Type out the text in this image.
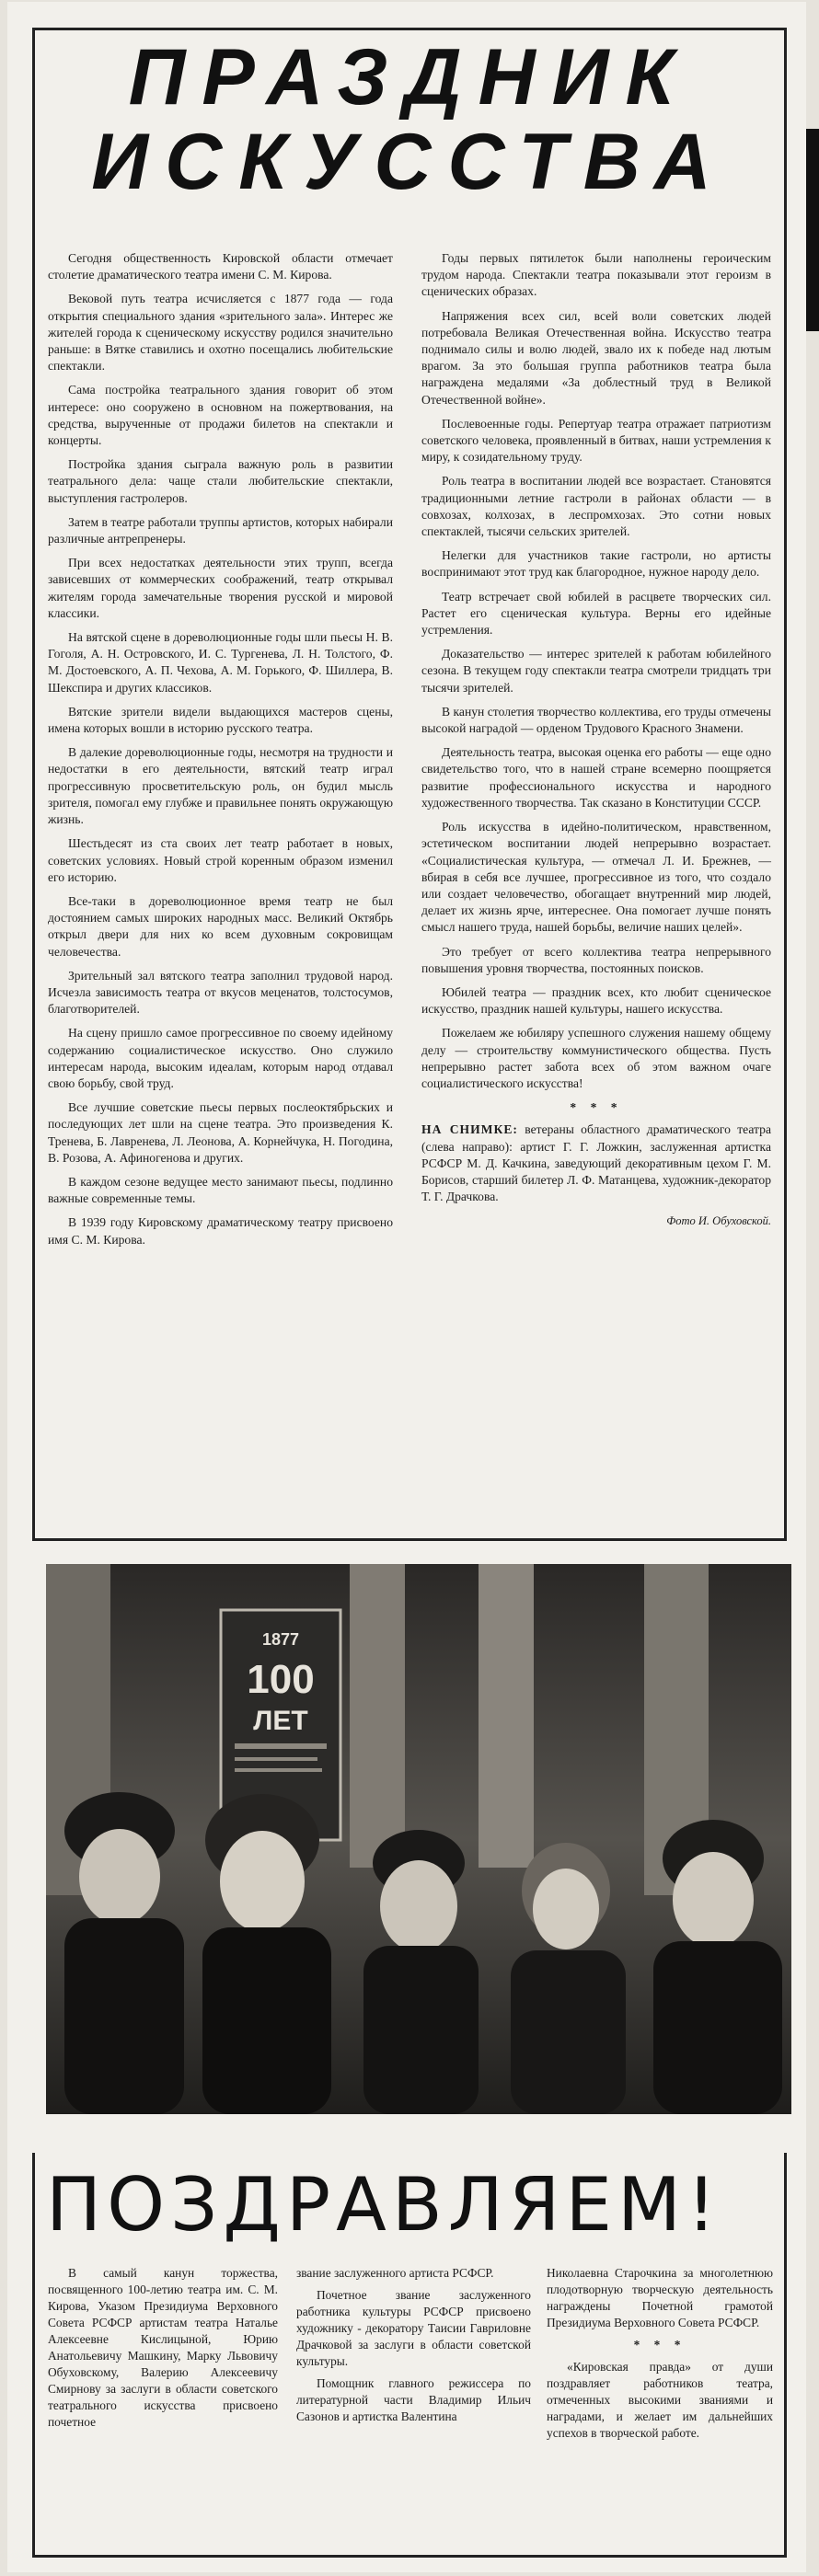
ПРАЗДНИК
ИСКУССТВА

Сегодня общественность Кировской области отмечает столетие драматического театра имени С. М. Кирова.

Вековой путь театра исчисляется с 1877 года — года открытия специального здания «зрительного зала». Интерес же жителей города к сценическому искусству родился значительно раньше: в Вятке ставились и охотно посещались любительские спектакли.

Сама постройка театрального здания говорит об этом интересе: оно сооружено в основном на пожертвования, на средства, вырученные от продажи билетов на спектакли и концерты.

Постройка здания сыграла важную роль в развитии театрального дела: чаще стали любительские спектакли, выступления гастролеров.

Затем в театре работали труппы артистов, которых набирали различные антрепренеры.

При всех недостатках деятельности этих трупп, всегда зависевших от коммерческих соображений, театр открывал жителям города замечательные творения русской и мировой классики.

На вятской сцене в дореволюционные годы шли пьесы Н. В. Гоголя, А. Н. Островского, И. С. Тургенева, Л. Н. Толстого, Ф. М. Достоевского, А. П. Чехова, А. М. Горького, Ф. Шиллера, В. Шекспира и других классиков.

Вятские зрители видели выдающихся мастеров сцены, имена которых вошли в историю русского театра.

В далекие дореволюционные годы, несмотря на трудности и недостатки в его деятельности, вятский театр играл прогрессивную просветительскую роль, он будил мысль зрителя, помогал ему глубже и правильнее понять окружающую жизнь.

Шестьдесят из ста своих лет театр работает в новых, советских условиях. Новый строй коренным образом изменил его историю.

Все-таки в дореволюционное время театр не был достоянием самых широких народных масс. Великий Октябрь открыл двери для них ко всем духовным сокровищам человечества.

Зрительный зал вятского театра заполнил трудовой народ. Исчезла зависимость театра от вкусов меценатов, толстосумов, благотворителей.

На сцену пришло самое прогрессивное по своему идейному содержанию социалистическое искусство. Оно служило интересам народа, высоким идеалам, которым народ отдавал свою борьбу, свой труд.

Все лучшие советские пьесы первых послеоктябрьских и последующих лет шли на сцене театра. Это произведения К. Тренева, Б. Лавренева, Л. Леонова, А. Корнейчука, Н. Погодина, В. Розова, А. Афиногенова и других.

В каждом сезоне ведущее место занимают пьесы, подлинно важные современные темы.

В 1939 году Кировскому драматическому театру присвоено имя С. М. Кирова.

Годы первых пятилеток были наполнены героическим трудом народа. Спектакли театра показывали этот героизм в сценических образах.

Напряжения всех сил, всей воли советских людей потребовала Великая Отечественная война. Искусство театра поднимало силы и волю людей, звало их к победе над лютым врагом. За это большая группа работников театра была награждена медалями «За доблестный труд в Великой Отечественной войне».

Послевоенные годы. Репертуар театра отражает патриотизм советского человека, проявленный в битвах, наши устремления к миру, к созидательному труду.

Роль театра в воспитании людей все возрастает. Становятся традиционными летние гастроли в районах области — в совхозах, колхозах, в леспромхозах. Это сотни новых спектаклей, тысячи сельских зрителей.

Нелегки для участников такие гастроли, но артисты воспринимают этот труд как благородное, нужное народу дело.

Театр встречает свой юбилей в расцвете творческих сил. Растет его сценическая культура. Верны его идейные устремления.

Доказательство — интерес зрителей к работам юбилейного сезона. В текущем году спектакли театра смотрели тридцать три тысячи зрителей.

В канун столетия творчество коллектива, его труды отмечены высокой наградой — орденом Трудового Красного Знамени.

Деятельность театра, высокая оценка его работы — еще одно свидетельство того, что в нашей стране всемерно поощряется развитие профессионального искусства и народного художественного творчества. Так сказано в Конституции СССР.

Роль искусства в идейно-политическом, нравственном, эстетическом воспитании людей непрерывно возрастает. «Социалистическая культура, — отмечал Л. И. Брежнев, — вбирая в себя все лучшее, прогрессивное из того, что создало или создает человечество, обогащает внутренний мир людей, делает их жизнь ярче, интереснее. Она помогает лучше понять смысл нашего труда, нашей борьбы, величие наших целей».

Это требует от всего коллектива театра непрерывного повышения уровня творчества, постоянных поисков.

Юбилей театра — праздник всех, кто любит сценическое искусство, праздник нашей культуры, нашего искусства.

Пожелаем же юбиляру успешного служения нашему общему делу — строительству коммунистического общества. Пусть непрерывно растет забота всех об этом важном очаге социалистического искусства!

* * *

НА СНИМКЕ: ветераны областного драматического театра (слева направо): артист Г. Г. Ложкин, заслуженная артистка РСФСР М. Д. Качкина, заведующий декоративным цехом Г. М. Борисов, старший билетер Л. Ф. Матанцева, художник-декоратор Т. Г. Драчкова.

Фото И. Обуховской.

1877
100
ЛЕТ
ПОЗДРАВЛЯЕМ!

В самый канун торжества, посвященного 100-летию театра им. С. М. Кирова, Указом Президиума Верховного Совета РСФСР артистам театра Наталье Алексеевне Кислицыной, Юрию Анатольевичу Машкину, Марку Львовичу Обуховскому, Валерию Алексеевичу Смирнову за заслуги в области советского театрального искусства присвоено почетное

звание заслуженного артиста РСФСР.

Почетное звание заслуженного работника культуры РСФСР присвоено художнику - декоратору Таисии Гавриловне Драчковой за заслуги в области советской культуры.

Помощник главного режиссера по литературной части Владимир Ильич Сазонов и артистка Валентина

Николаевна Старочкина за многолетнюю плодотворную творческую деятельность награждены Почетной грамотой Президиума Верховного Совета РСФСР.

* * *

«Кировская правда» от души поздравляет работников театра, отмеченных высокими званиями и наградами, и желает им дальнейших успехов в творческой работе.
